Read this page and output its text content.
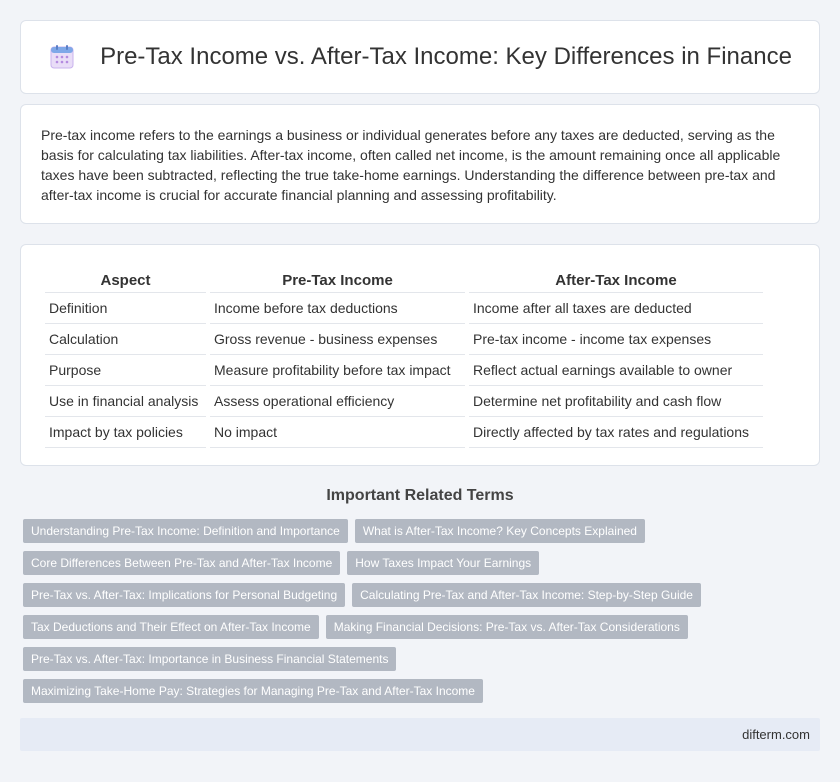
Pre-Tax Income vs. After-Tax Income: Key Differences in Finance

Pre-tax income refers to the earnings a business or individual generates before any taxes are deducted, serving as the basis for calculating tax liabilities. After-tax income, often called net income, is the amount remaining once all applicable taxes have been subtracted, reflecting the true take-home earnings. Understanding the difference between pre-tax and after-tax income is crucial for accurate financial planning and assessing profitability.

Aspect	Pre-Tax Income	After-Tax Income
Definition	Income before tax deductions	Income after all taxes are deducted
Calculation	Gross revenue - business expenses	Pre-tax income - income tax expenses
Purpose	Measure profitability before tax impact	Reflect actual earnings available to owner
Use in financial analysis	Assess operational efficiency	Determine net profitability and cash flow
Impact by tax policies	No impact	Directly affected by tax rates and regulations
Important Related Terms
Understanding Pre-Tax Income: Definition and Importance	What is After-Tax Income? Key Concepts Explained
Core Differences Between Pre-Tax and After-Tax Income	How Taxes Impact Your Earnings
Pre-Tax vs. After-Tax: Implications for Personal Budgeting	Calculating Pre-Tax and After-Tax Income: Step-by-Step Guide
Tax Deductions and Their Effect on After-Tax Income	Making Financial Decisions: Pre-Tax vs. After-Tax Considerations
Pre-Tax vs. After-Tax: Importance in Business Financial Statements
Maximizing Take-Home Pay: Strategies for Managing Pre-Tax and After-Tax Income
difterm.com
